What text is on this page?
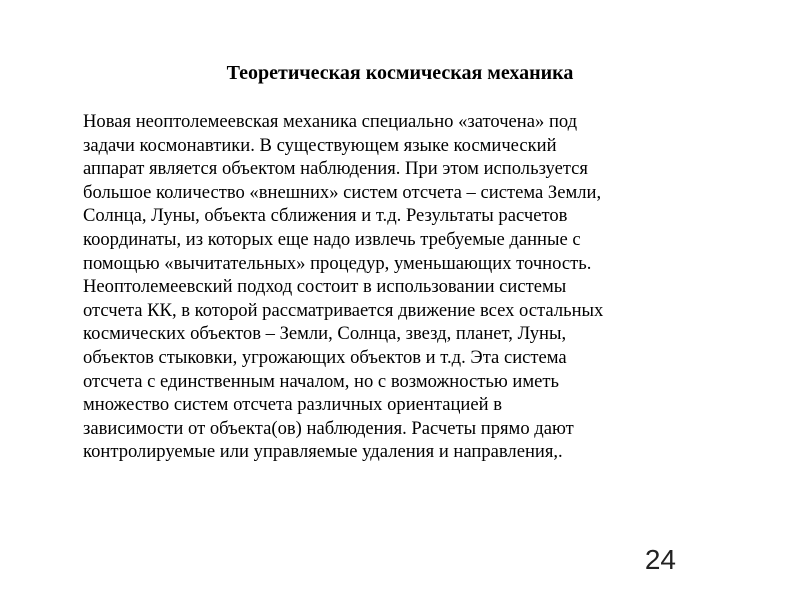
Теоретическая космическая механика
Новая неоптолемеевская механика специально «заточена» под
задачи космонавтики. В существующем языке космический
аппарат является объектом наблюдения. При этом используется
большое количество «внешних» систем отсчета – система Земли,
Солнца, Луны, объекта сближения и т.д. Результаты расчетов
координаты, из которых еще надо извлечь требуемые данные с
помощью «вычитательных» процедур, уменьшающих точность.
Неоптолемеевский подход состоит в использовании системы
отсчета КК, в которой рассматривается движение всех остальных
космических объектов – Земли, Солнца, звезд, планет, Луны,
объектов стыковки, угрожающих объектов и т.д. Эта система
отсчета с единственным началом, но с возможностью иметь
множество систем отсчета различных ориентацией в
зависимости от объекта(ов) наблюдения. Расчеты прямо дают
контролируемые или управляемые удаления и направления,.
24
